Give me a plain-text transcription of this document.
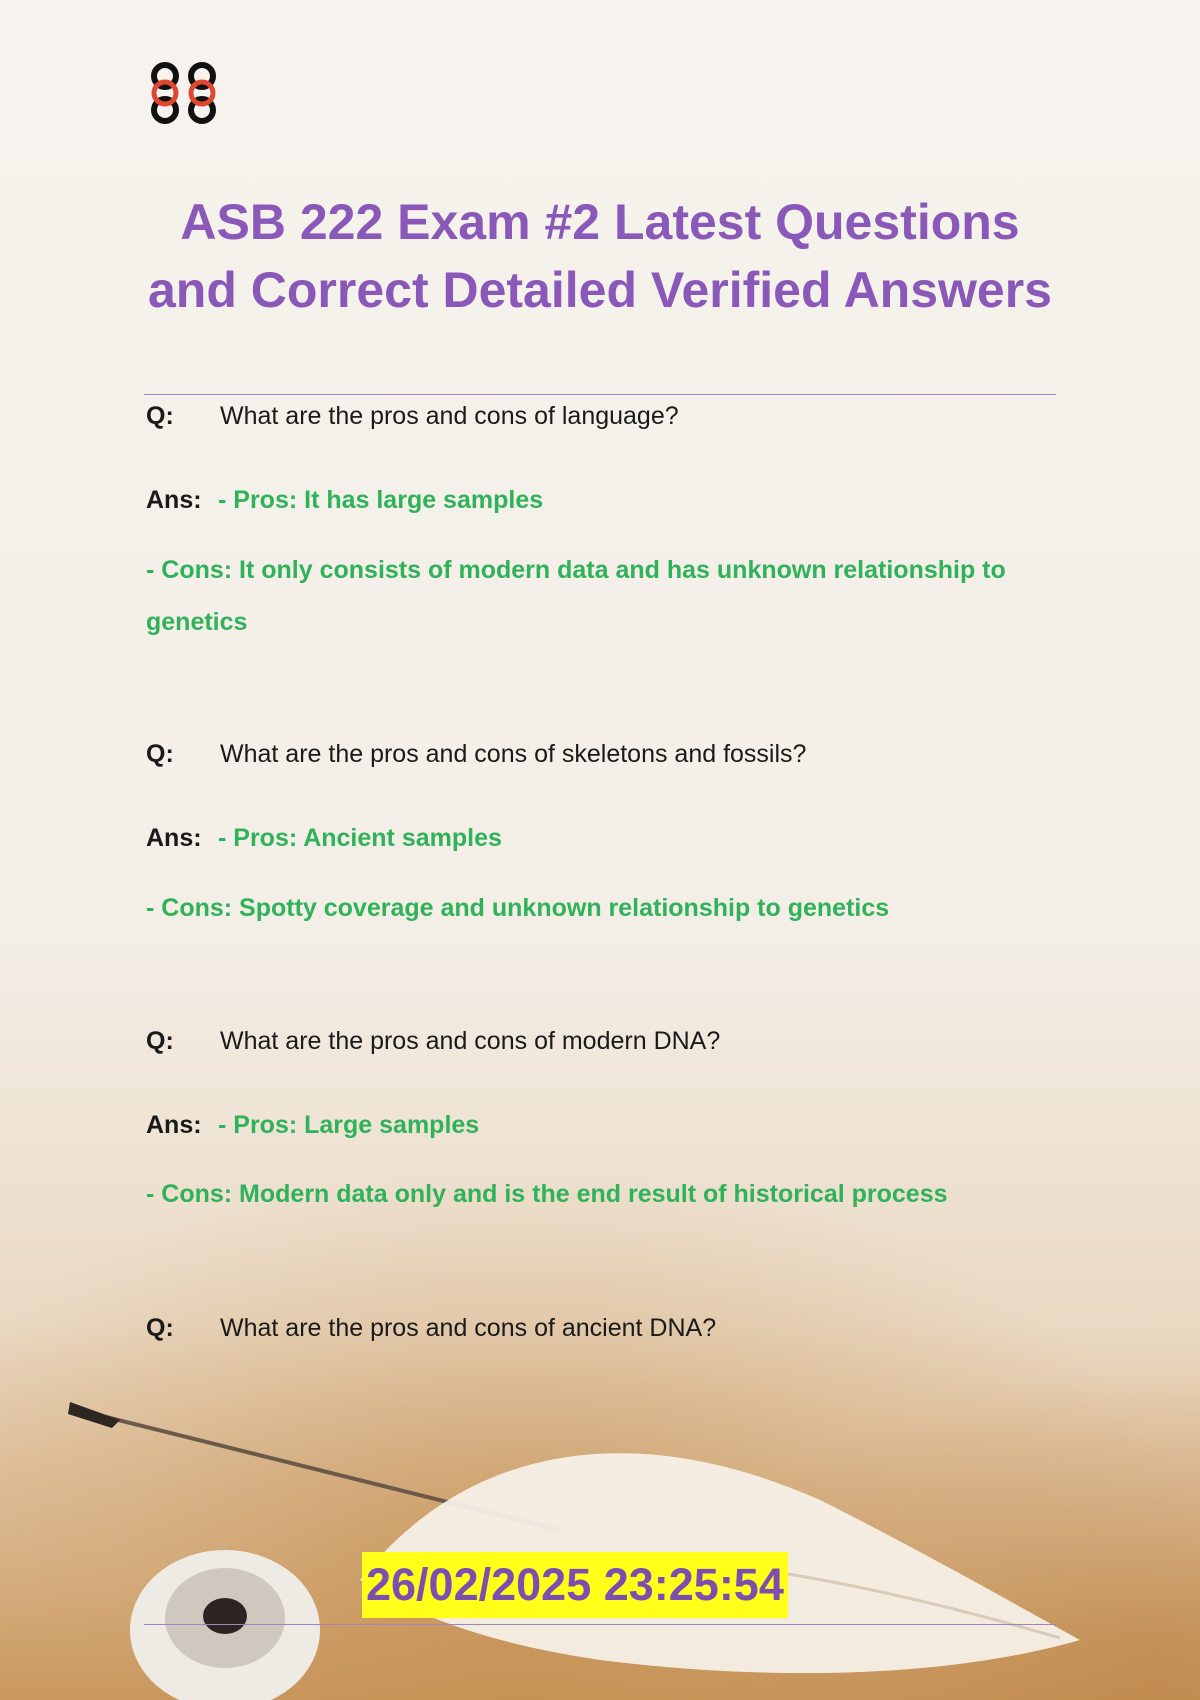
ASB 222 Exam #2 Latest Questions and Correct Detailed Verified Answers
Q: What are the pros and cons of language?
Ans: - Pros: It has large samples
- Cons: It only consists of modern data and has unknown relationship to genetics
Q: What are the pros and cons of skeletons and fossils?
Ans: - Pros: Ancient samples
- Cons: Spotty coverage and unknown relationship to genetics
Q: What are the pros and cons of modern DNA?
Ans: - Pros: Large samples
- Cons: Modern data only and is the end result of historical process
Q: What are the pros and cons of ancient DNA?
26/02/2025 23:25:54
